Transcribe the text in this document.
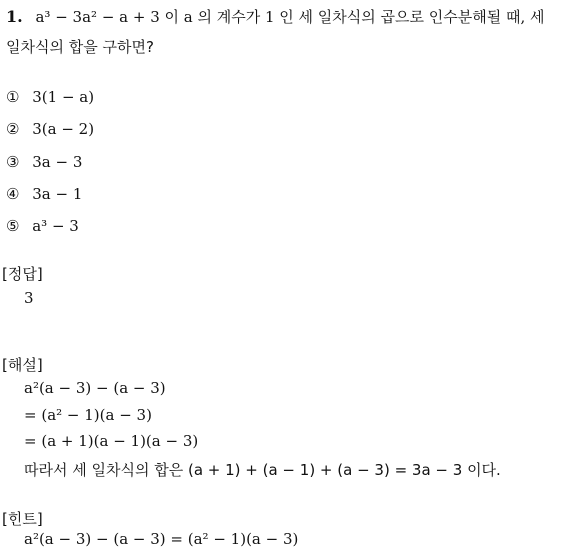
1. a³ − 3a² − a + 3 이 a 의 계수가 1 인 세 일차식의 곱으로 인수분해될 때, 세
일차식의 합을 구하면?
① 3(1 − a)
② 3(a − 2)
③ 3a − 3
④ 3a − 1
⑤ a³ − 3
[정답]
3
[해설]
a²(a − 3) − (a − 3)
= (a² − 1)(a − 3)
= (a + 1)(a − 1)(a − 3)
따라서 세 일차식의 합은 (a + 1) + (a − 1) + (a − 3) = 3a − 3 이다.
[힌트]
a²(a − 3) − (a − 3) = (a² − 1)(a − 3)
